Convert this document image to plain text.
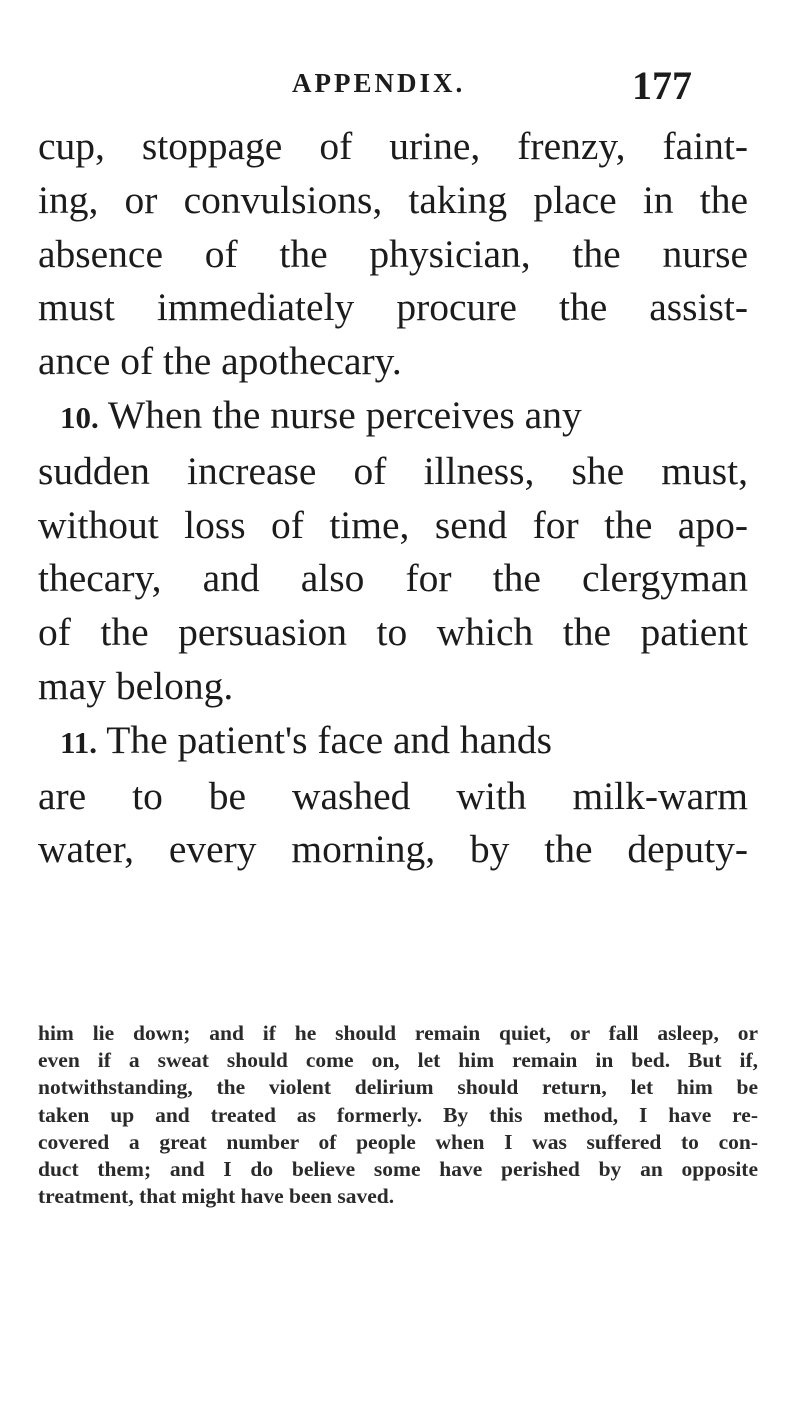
APPENDIX.	177

cup, stoppage of urine, frenzy, faint-
ing, or convulsions, taking place in the
absence of the physician, the nurse
must immediately procure the assist-
ance of the apothecary.

10. When the nurse perceives any
sudden increase of illness, she must,
without loss of time, send for the apo-
thecary, and also for the clergyman
of the persuasion to which the patient
may belong.

11. The patient's face and hands
are to be washed with milk-warm
water, every morning, by the deputy-

him lie down; and if he should remain quiet, or fall asleep, or
even if a sweat should come on, let him remain in bed. But if,
notwithstanding, the violent delirium should return, let him be
taken up and treated as formerly. By this method, I have re-
covered a great number of people when I was suffered to con-
duct them; and I do believe some have perished by an opposite
treatment, that might have been saved.
